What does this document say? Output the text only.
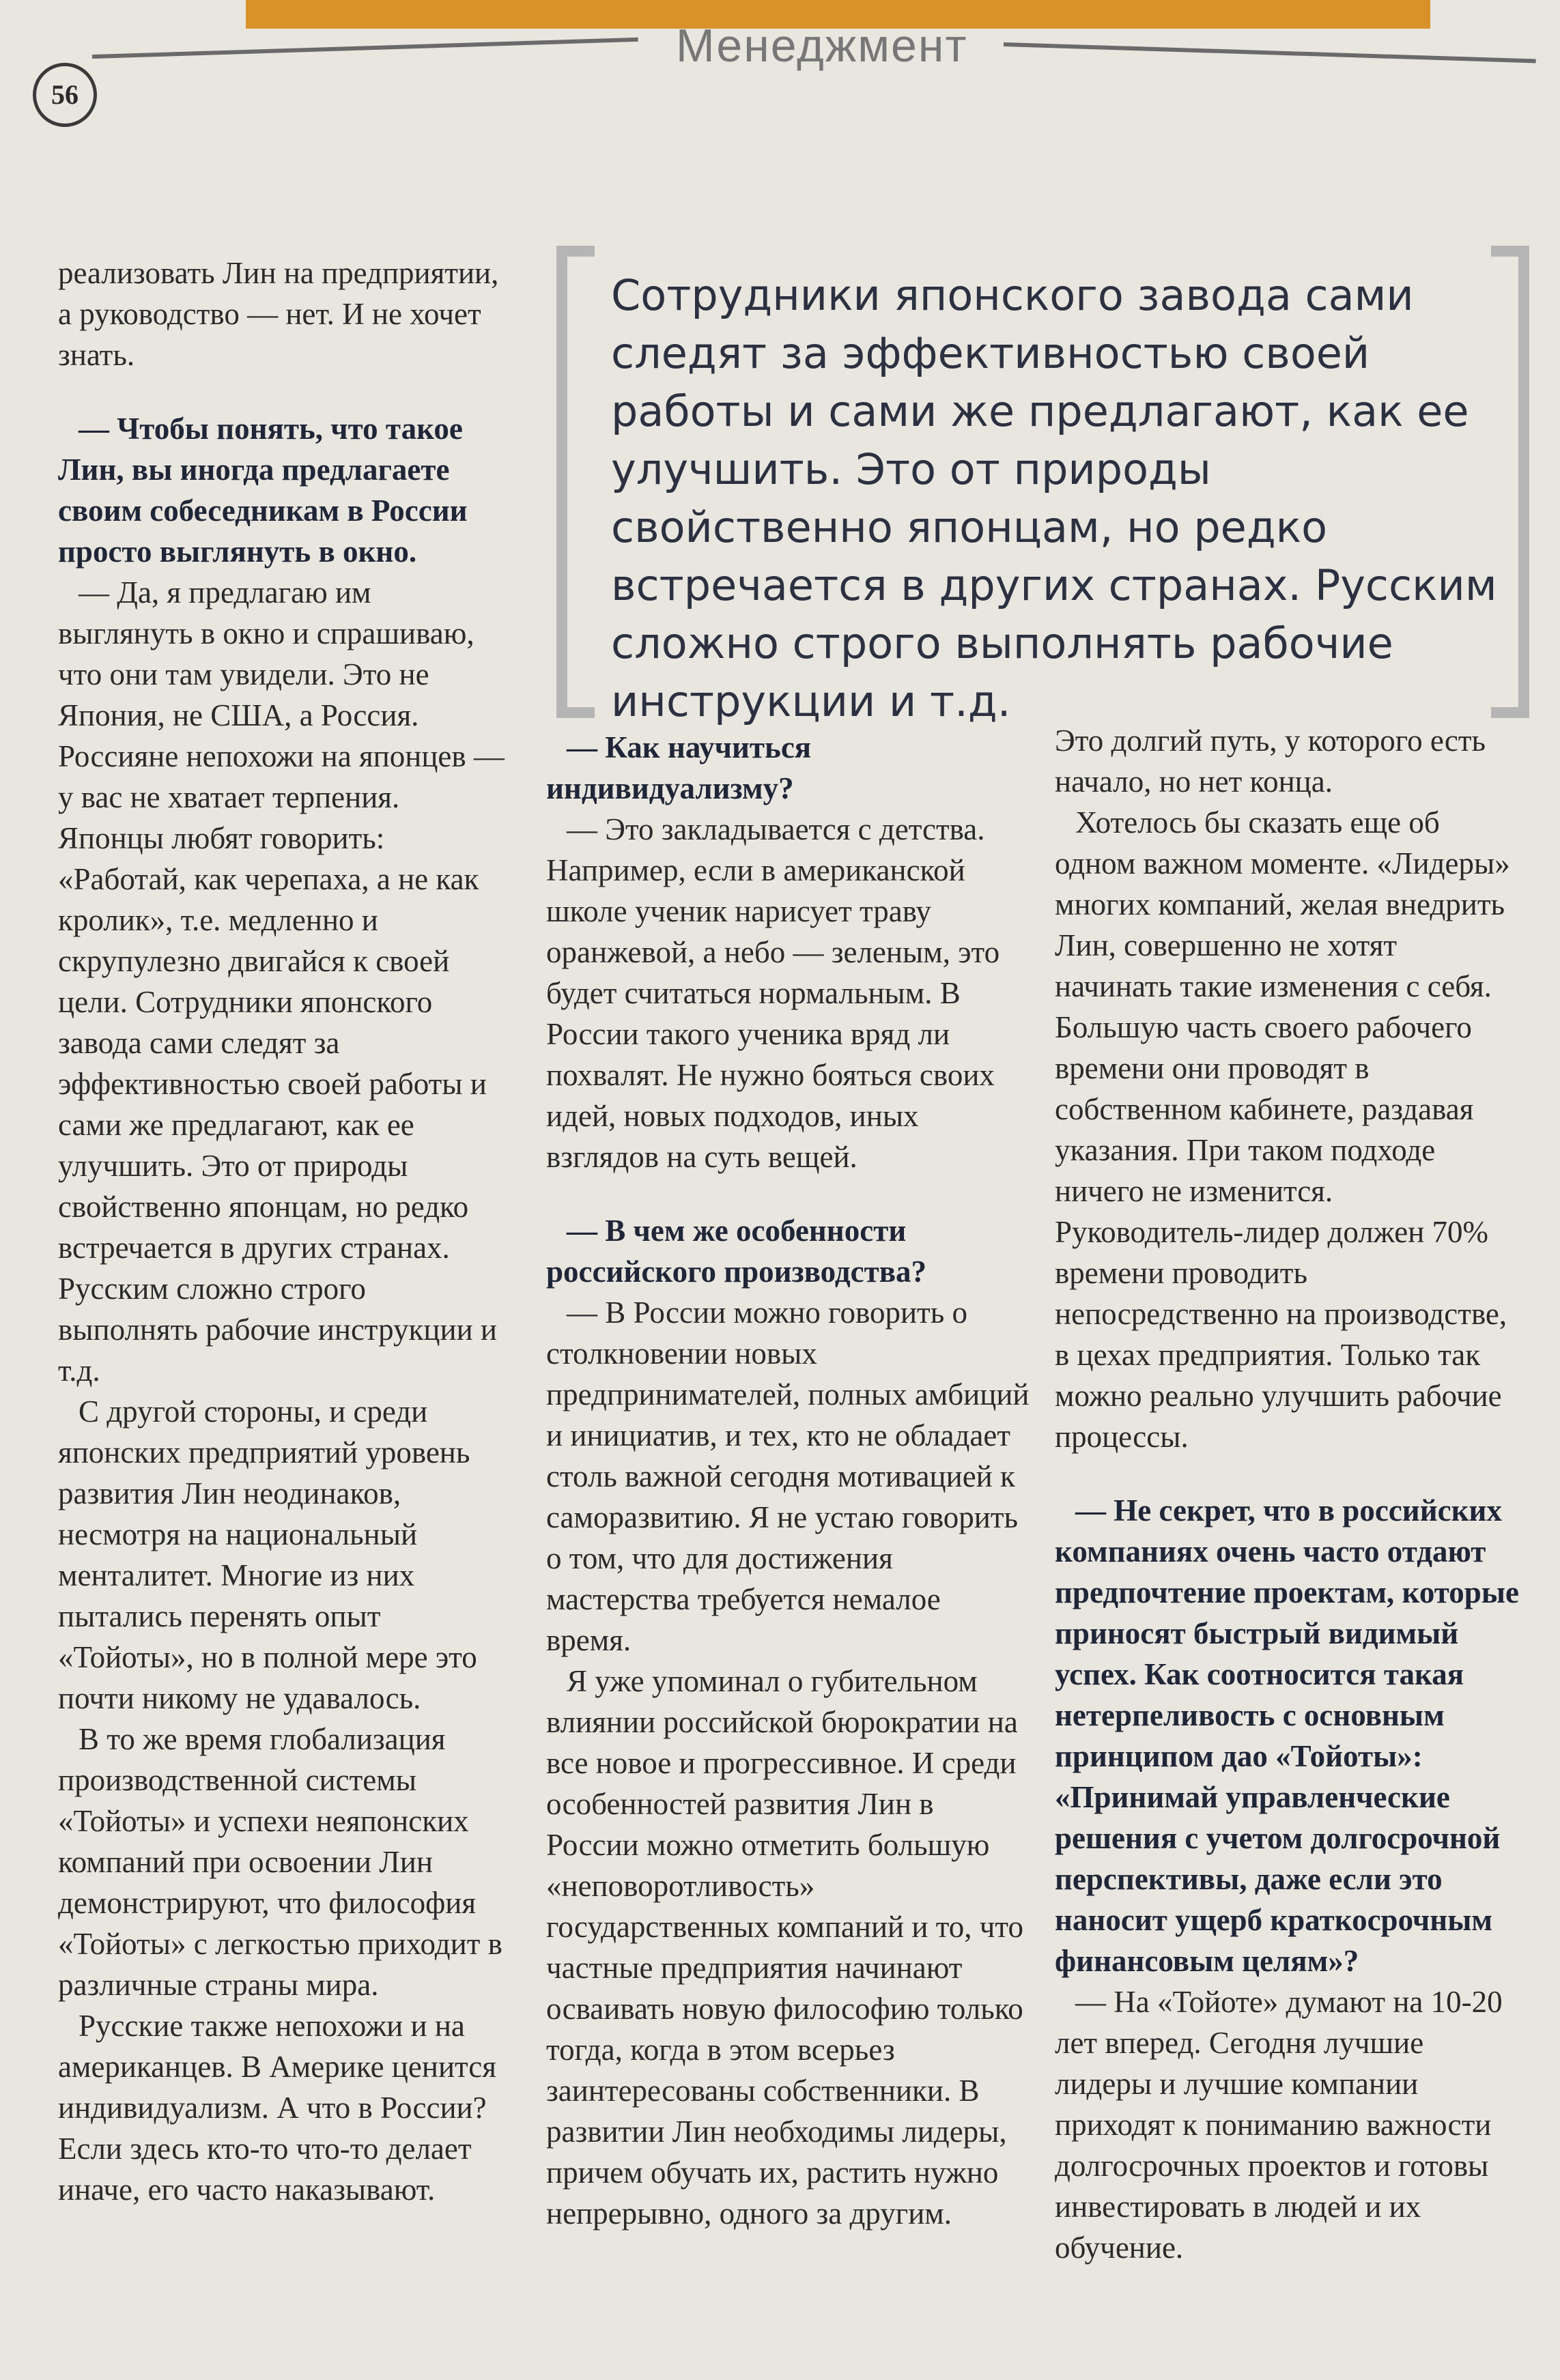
56
Менеджмент
Сотрудники японского завода сами следят за эффективностью своей работы и сами же предлагают, как ее улучшить. Это от природы свойственно японцам, но редко встречается в других странах. Русским сложно строго выполнять рабочие инструкции и т.д.

реализовать Лин на предприятии, а руководство — нет. И не хочет знать.

— Чтобы понять, что такое Лин, вы иногда предлагаете своим собеседникам в России просто выглянуть в окно.

— Да, я предлагаю им выглянуть в окно и спрашиваю, что они там увидели. Это не Япония, не США, а Россия. Россияне непохожи на японцев — у вас не хватает терпения. Японцы любят говорить: «Работай, как черепаха, а не как кролик», т.е. медленно и скрупулезно двигайся к своей цели. Сотрудники японского завода сами следят за эффективностью своей работы и сами же предлагают, как ее улучшить. Это от природы свойственно японцам, но редко встречается в других странах. Русским сложно строго выполнять рабочие инструкции и т.д.

С другой стороны, и среди японских предприятий уровень развития Лин неодинаков, несмотря на национальный менталитет. Многие из них пытались перенять опыт «Тойоты», но в полной мере это почти никому не удавалось.

В то же время глобализация производственной системы «Тойоты» и успехи неяпонских компаний при освоении Лин демонстрируют, что философия «Тойоты» с легкостью приходит в различные страны мира.

Русские также непохожи и на американцев. В Америке ценится индивидуализм. А что в России? Если здесь кто-то что-то делает иначе, его часто наказывают.

— Как научиться индивидуализму?

— Это закладывается с детства. Например, если в американской школе ученик нарисует траву оранжевой, а небо — зеленым, это будет считаться нормальным. В России такого ученика вряд ли похвалят. Не нужно бояться своих идей, новых подходов, иных взглядов на суть вещей.

— В чем же особенности российского производства?

— В России можно говорить о столкновении новых предпринимателей, полных амбиций и инициатив, и тех, кто не обладает столь важной сегодня мотивацией к саморазвитию. Я не устаю говорить о том, что для достижения мастерства требуется немалое время.

Я уже упоминал о губительном влиянии российской бюрократии на все новое и прогрессивное. И среди особенностей развития Лин в России можно отметить большую «неповоротливость» государственных компаний и то, что частные предприятия начинают осваивать новую философию только тогда, когда в этом всерьез заинтересованы собственники. В развитии Лин необходимы лидеры, причем обучать их, растить нужно непрерывно, одного за другим.

Это долгий путь, у которого есть начало, но нет конца.

Хотелось бы сказать еще об одном важном моменте. «Лидеры» многих компаний, желая внедрить Лин, совершенно не хотят начинать такие изменения с себя. Большую часть своего рабочего времени они проводят в собственном кабинете, раздавая указания. При таком подходе ничего не изменится. Руководитель-лидер должен 70% времени проводить непосредственно на производстве, в цехах предприятия. Только так можно реально улучшить рабочие процессы.

— Не секрет, что в российских компаниях очень часто отдают предпочтение проектам, которые приносят быстрый видимый успех. Как соотносится такая нетерпеливость с основным принципом дао «Тойоты»: «Принимай управленческие решения с учетом долгосрочной перспективы, даже если это наносит ущерб краткосрочным финансовым целям»?

— На «Тойоте» думают на 10-20 лет вперед. Сегодня лучшие лидеры и лучшие компании приходят к пониманию важности долгосрочных проектов и готовы инвестировать в людей и их обучение.
